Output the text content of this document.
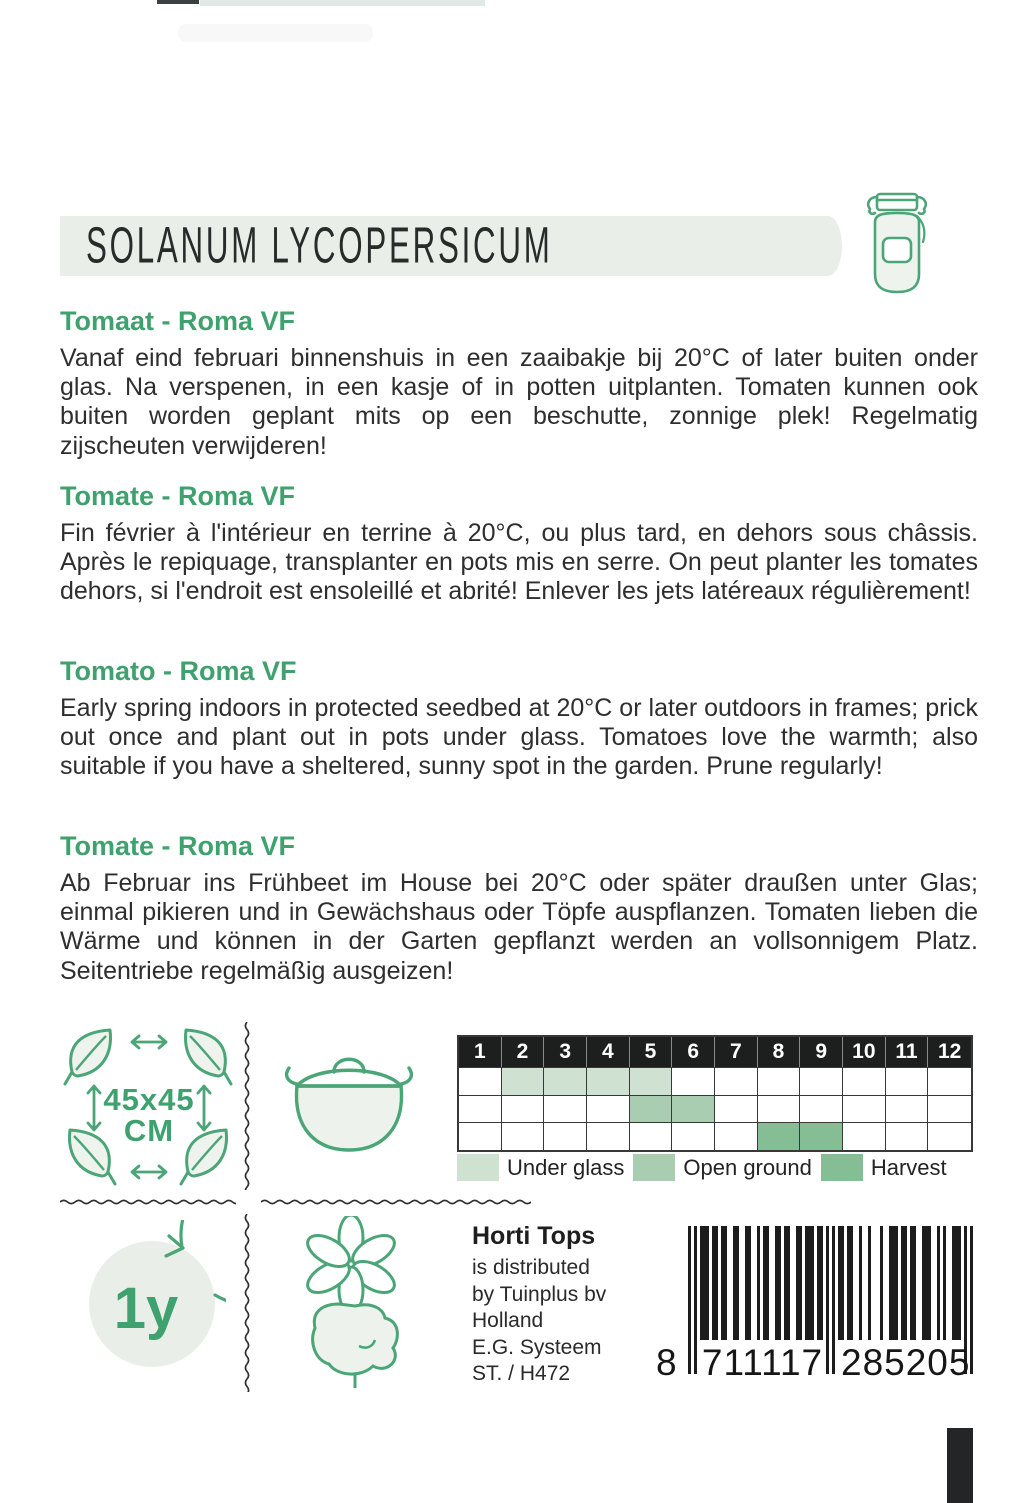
SOLANUM LYCOPERSICUM
Tomaat - Roma VF

Vanaf eind februari binnenshuis in een zaaibakje bij 20°C of later buiten onder glas. Na verspenen, in een kasje of in potten uitplanten. Tomaten kunnen ook buiten worden geplant mits op een beschutte, zonnige plek! Regelmatig zijscheuten verwijderen!

Tomate - Roma VF

Fin février à l'intérieur en terrine à 20°C, ou plus tard, en dehors sous châssis. Après le repiquage, transplanter en pots mis en serre. On peut planter les tomates dehors, si l'endroit est ensoleillé et abrité! Enlever les jets latéreaux régulièrement!

Tomato - Roma VF

Early spring indoors in protected seedbed at 20°C or later outdoors in frames; prick out once and plant out in pots under glass. Tomatoes love the warmth; also suitable if you have a sheltered, sunny spot in the garden. Prune regularly!

Tomate - Roma VF

Ab Februar ins Frühbeet im House bei 20°C oder später draußen unter Glas; einmal pikieren und in Gewächshaus oder Töpfe auspflanzen. Tomaten lieben die Wärme und können in der Garten gepflanzt werden an vollsonnigem Platz. Seitentriebe regelmäßig ausgeizen!

45x45
CM
1	2	3	4	5	6	7	8	9	10 11 12
Under glass	Open ground	Harvest
1y
Horti Tops
is distributed
by Tuinplus bv
Holland
E.G. Systeem
ST. / H472	8 711117 285205
